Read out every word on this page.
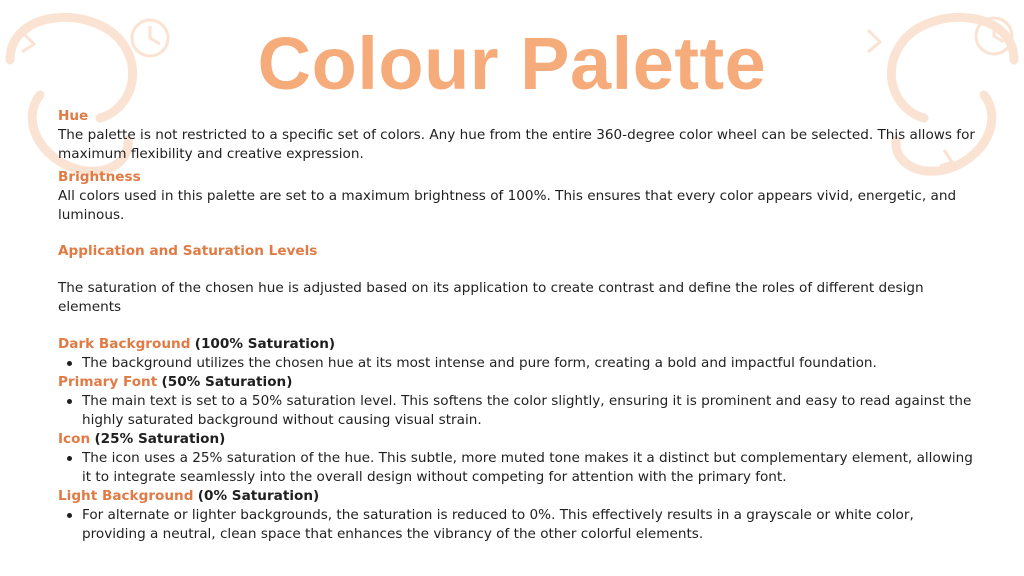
Colour Palette

Hue

The palette is not restricted to a specific set of colors. Any hue from the entire 360-degree color wheel can be selected. This allows for maximum flexibility and creative expression.

Brightness

All colors used in this palette are set to a maximum brightness of 100%. This ensures that every color appears vivid, energetic, and luminous.

Application and Saturation Levels

The saturation of the chosen hue is adjusted based on its application to create contrast and define the roles of different design elements

Dark Background (100% Saturation)

The background utilizes the chosen hue at its most intense and pure form, creating a bold and impactful foundation.

Primary Font (50% Saturation)

The main text is set to a 50% saturation level. This softens the color slightly, ensuring it is prominent and easy to read against the highly saturated background without causing visual strain.

Icon (25% Saturation)

The icon uses a 25% saturation of the hue. This subtle, more muted tone makes it a distinct but complementary element, allowing it to integrate seamlessly into the overall design without competing for attention with the primary font.

Light Background (0% Saturation)

For alternate or lighter backgrounds, the saturation is reduced to 0%. This effectively results in a grayscale or white color, providing a neutral, clean space that enhances the vibrancy of the other colorful elements.
